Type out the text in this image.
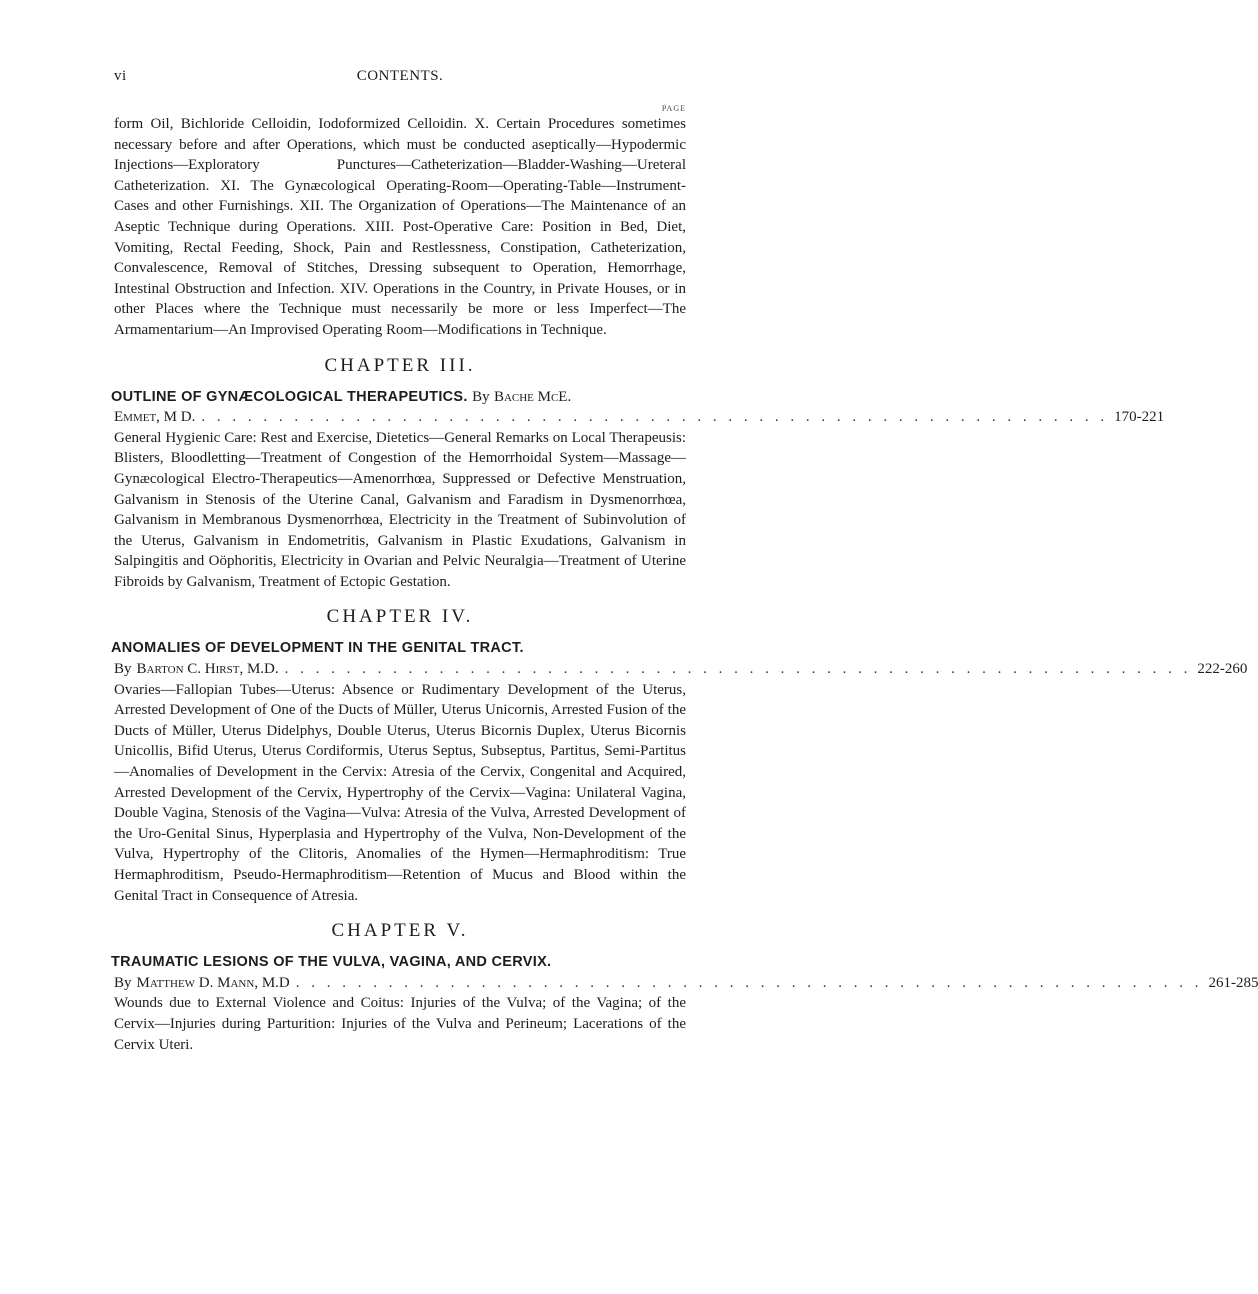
vi	CONTENTS.
PAGE

form Oil, Bichloride Celloidin, Iodoformized Celloidin. X. Certain Procedures sometimes necessary before and after Operations, which must be conducted aseptically—Hypodermic Injections—Exploratory Punctures—Catheterization—Bladder-Washing—Ureteral Catheterization. XI. The Gynæcological Operating-Room—Operating-Table—Instrument-Cases and other Furnishings. XII. The Organization of Operations—The Maintenance of an Aseptic Technique during Operations. XIII. Post-Operative Care: Position in Bed, Diet, Vomiting, Rectal Feeding, Shock, Pain and Restlessness, Constipation, Catheterization, Convalescence, Removal of Stitches, Dressing subsequent to Operation, Hemorrhage, Intestinal Obstruction and Infection. XIV. Operations in the Country, in Private Houses, or in other Places where the Technique must necessarily be more or less Imperfect—The Armamentarium—An Improvised Operating Room—Modifications in Technique.

CHAPTER III.
OUTLINE OF GYNÆCOLOGICAL THERAPEUTICS. By Bache McE.
Emmet, M D. . . . . . . . . . . . . . . . . . . . . . . . . . . . . . . . . . . . . . . . . . . . . . . . . . . . . . . . . . . . 170-221

General Hygienic Care: Rest and Exercise, Dietetics—General Remarks on Local Therapeusis: Blisters, Bloodletting—Treatment of Congestion of the Hemorrhoidal System—Massage—Gynæcological Electro-Therapeutics—Amenorrhœa, Suppressed or Defective Menstruation, Galvanism in Stenosis of the Uterine Canal, Galvanism and Faradism in Dysmenorrhœa, Galvanism in Membranous Dysmenorrhœa, Electricity in the Treatment of Subinvolution of the Uterus, Galvanism in Endometritis, Galvanism in Plastic Exudations, Galvanism in Salpingitis and Oöphoritis, Electricity in Ovarian and Pelvic Neuralgia—Treatment of Uterine Fibroids by Galvanism, Treatment of Ectopic Gestation.

CHAPTER IV.
ANOMALIES OF DEVELOPMENT IN THE GENITAL TRACT.
By Barton C. Hirst, M.D. . . . . . . . . . . . . . . . . . . . . . . . . . . . . . . . . . . . . . . . . . . . . . . . . . . . . . . . . . . . 222-260

Ovaries—Fallopian Tubes—Uterus: Absence or Rudimentary Development of the Uterus, Arrested Development of One of the Ducts of Müller, Uterus Unicornis, Arrested Fusion of the Ducts of Müller, Uterus Didelphys, Double Uterus, Uterus Bicornis Duplex, Uterus Bicornis Unicollis, Bifid Uterus, Uterus Cordiformis, Uterus Septus, Subseptus, Partitus, Semi-Partitus—Anomalies of Development in the Cervix: Atresia of the Cervix, Congenital and Acquired, Arrested Development of the Cervix, Hypertrophy of the Cervix—Vagina: Unilateral Vagina, Double Vagina, Stenosis of the Vagina—Vulva: Atresia of the Vulva, Arrested Development of the Uro-Genital Sinus, Hyperplasia and Hypertrophy of the Vulva, Non-Development of the Vulva, Hypertrophy of the Clitoris, Anomalies of the Hymen—Hermaphroditism: True Hermaphroditism, Pseudo-Hermaphroditism—Retention of Mucus and Blood within the Genital Tract in Consequence of Atresia.

CHAPTER V.
TRAUMATIC LESIONS OF THE VULVA, VAGINA, AND CERVIX.
By Matthew D. Mann, M.D . . . . . . . . . . . . . . . . . . . . . . . . . . . . . . . . . . . . . . . . . . . . . . . . . . . . . . . . . . . 261-285

Wounds due to External Violence and Coitus: Injuries of the Vulva; of the Vagina; of the Cervix—Injuries during Parturition: Injuries of the Vulva and Perineum; Lacerations of the Cervix Uteri.
